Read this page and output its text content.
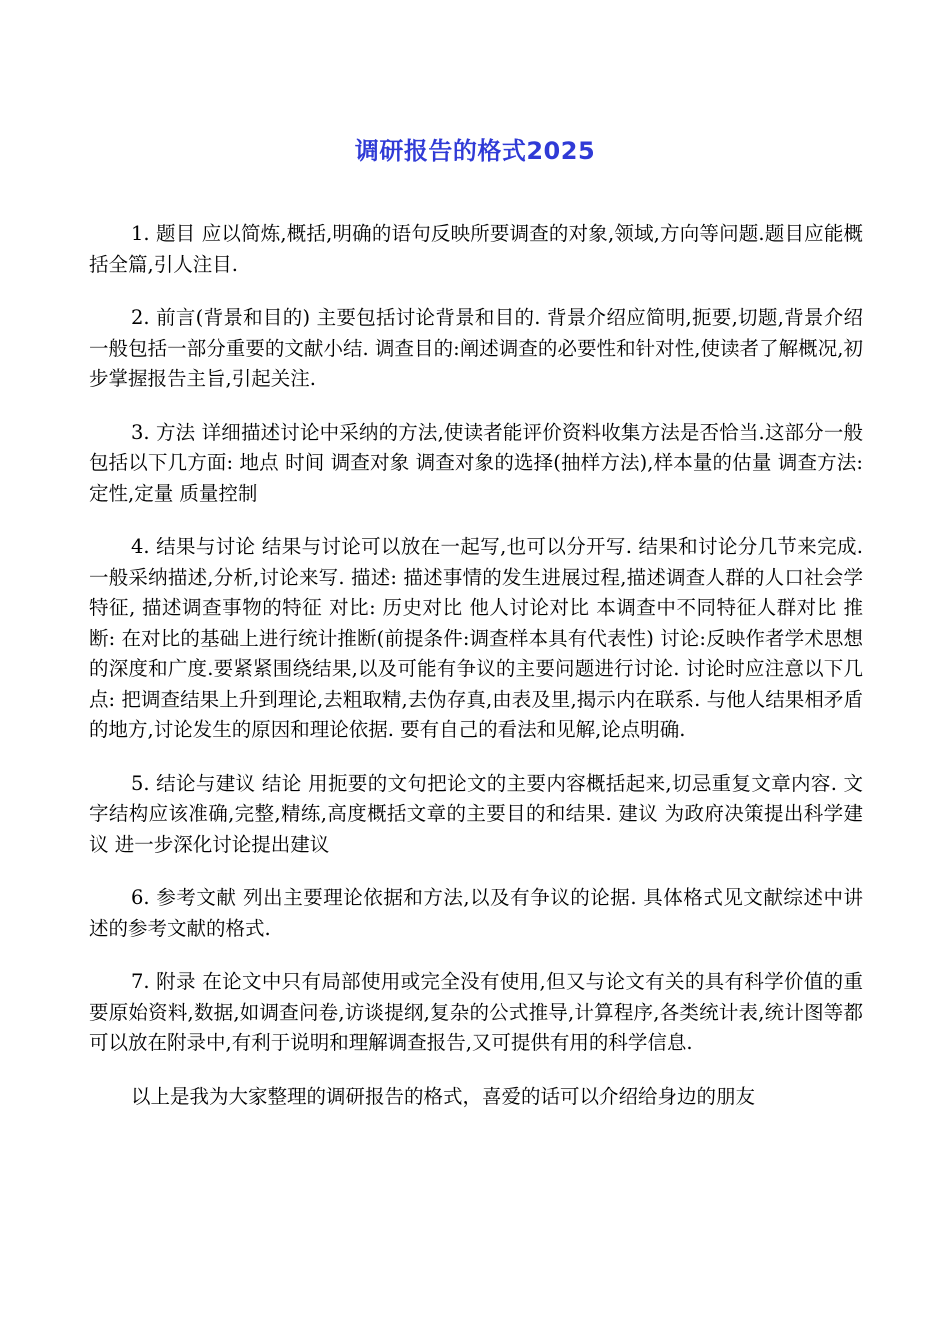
调研报告的格式2025

1. 题目 应以简炼,概括,明确的语句反映所要调查的对象,领域,方向等问题.题目应能概括全篇,引人注目.

2. 前言(背景和目的) 主要包括讨论背景和目的. 背景介绍应简明,扼要,切题,背景介绍一般包括一部分重要的文献小结. 调查目的:阐述调查的必要性和针对性,使读者了解概况,初步掌握报告主旨,引起关注.

3. 方法 详细描述讨论中采纳的方法,使读者能评价资料收集方法是否恰当.这部分一般包括以下几方面: 地点 时间 调查对象 调查对象的选择(抽样方法),样本量的估量 调查方法:定性,定量 质量控制

4. 结果与讨论 结果与讨论可以放在一起写,也可以分开写. 结果和讨论分几节来完成.一般采纳描述,分析,讨论来写. 描述: 描述事情的发生进展过程,描述调查人群的人口社会学特征, 描述调查事物的特征 对比: 历史对比 他人讨论对比 本调查中不同特征人群对比 推断: 在对比的基础上进行统计推断(前提条件:调查样本具有代表性) 讨论:反映作者学术思想的深度和广度.要紧紧围绕结果,以及可能有争议的主要问题进行讨论. 讨论时应注意以下几点: 把调查结果上升到理论,去粗取精,去伪存真,由表及里,揭示内在联系. 与他人结果相矛盾的地方,讨论发生的原因和理论依据. 要有自己的看法和见解,论点明确.

5. 结论与建议 结论 用扼要的文句把论文的主要内容概括起来,切忌重复文章内容. 文字结构应该准确,完整,精练,高度概括文章的主要目的和结果. 建议 为政府决策提出科学建议 进一步深化讨论提出建议

6. 参考文献 列出主要理论依据和方法,以及有争议的论据. 具体格式见文献综述中讲述的参考文献的格式.

7. 附录 在论文中只有局部使用或完全没有使用,但又与论文有关的具有科学价值的重要原始资料,数据,如调查问卷,访谈提纲,复杂的公式推导,计算程序,各类统计表,统计图等都可以放在附录中,有利于说明和理解调查报告,又可提供有用的科学信息.

以上是我为大家整理的调研报告的格式，喜爱的话可以介绍给身边的朋友
